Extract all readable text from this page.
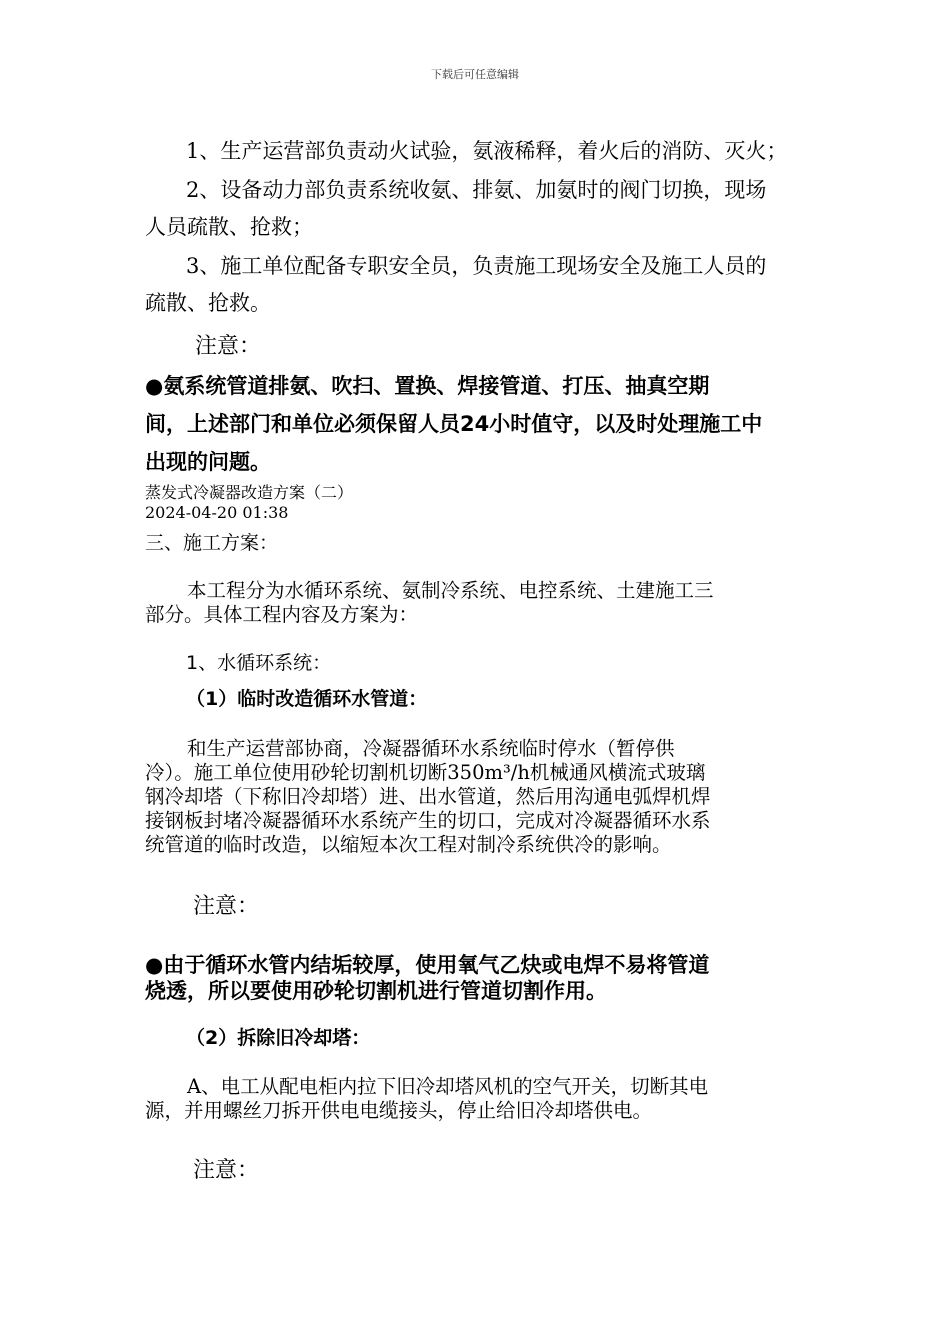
下载后可任意编辑
1、生产运营部负责动火试验，氨液稀释，着火后的消防、灭火；
2、设备动力部负责系统收氨、排氨、加氨时的阀门切换，现场
人员疏散、抢救；
3、施工单位配备专职安全员，负责施工现场安全及施工人员的
疏散、抢救。
注意：
●氨系统管道排氨、吹扫、置换、焊接管道、打压、抽真空期
间，上述部门和单位必须保留人员24小时值守，以及时处理施工中
出现的问题。
蒸发式冷凝器改造方案（二）
2024-04-20 01:38
三、施工方案：
本工程分为水循环系统、氨制冷系统、电控系统、土建施工三
部分。具体工程内容及方案为：
1、水循环系统：
（1）临时改造循环水管道：
和生产运营部协商，冷凝器循环水系统临时停水（暂停供
冷）。施工单位使用砂轮切割机切断350m³/h机械通风横流式玻璃
钢冷却塔（下称旧冷却塔）进、出水管道，然后用沟通电弧焊机焊
接钢板封堵冷凝器循环水系统产生的切口，完成对冷凝器循环水系
统管道的临时改造，以缩短本次工程对制冷系统供冷的影响。
注意：
●由于循环水管内结垢较厚，使用氧气乙炔或电焊不易将管道
烧透，所以要使用砂轮切割机进行管道切割作用。
（2）拆除旧冷却塔：
A、电工从配电柜内拉下旧冷却塔风机的空气开关，切断其电
源，并用螺丝刀拆开供电电缆接头，停止给旧冷却塔供电。
注意：
